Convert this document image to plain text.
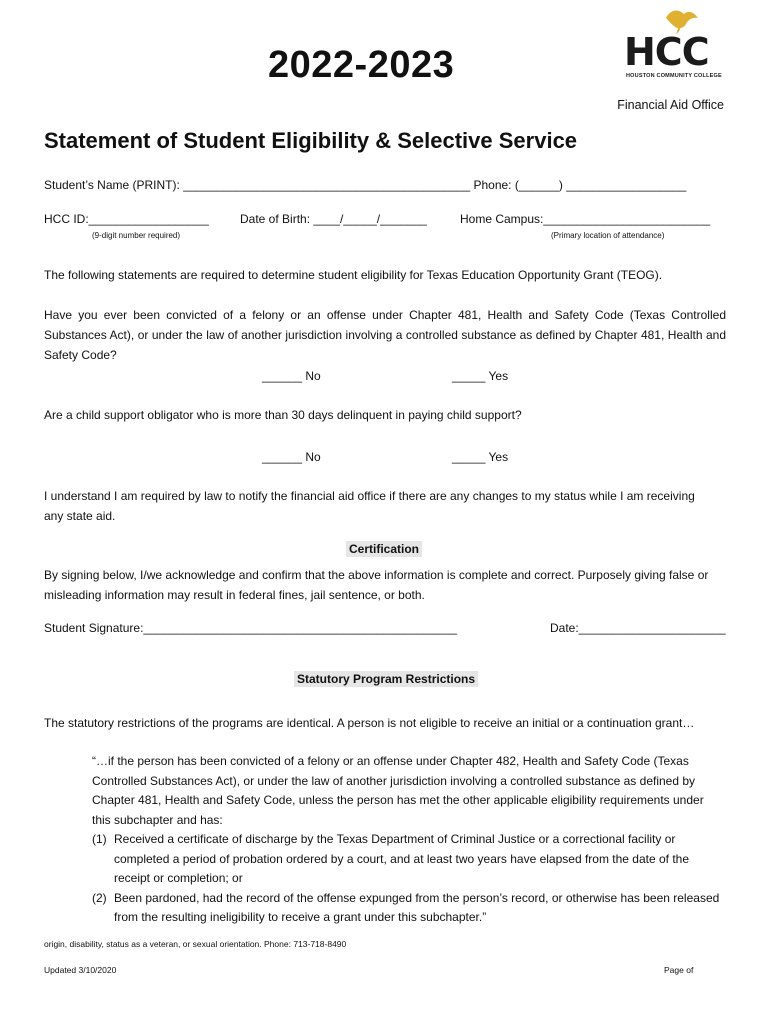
2022-2023	HCC
HOUSTON COMMUNITY COLLEGE
Financial Aid Office
Statement of Student Eligibility & Selective Service
Student’s Name (PRINT): ___________________________________________ Phone: (______) __________________
HCC ID:__________________	Date of Birth: ____/_____/_______	Home Campus:_________________________
(9-digit number required)	(Primary location of attendance)
The following statements are required to determine student eligibility for Texas Education Opportunity Grant (TEOG).
Have you ever been convicted of a felony or an offense under Chapter 481, Health and Safety Code (Texas Controlled Substances Act), or under the law of another jurisdiction involving a controlled substance as defined by Chapter 481, Health and Safety Code?
______ No	_____ Yes
Are a child support obligator who is more than 30 days delinquent in paying child support?
______ No	_____ Yes
I understand I am required by law to notify the financial aid office if there are any changes to my status while I am receiving any state aid.
Certification
By signing below, I/we acknowledge and confirm that the above information is complete and correct. Purposely giving false or misleading information may result in federal fines, jail sentence, or both.
Student Signature:_______________________________________________	Date:______________________
Statutory Program Restrictions
The statutory restrictions of the programs are identical. A person is not eligible to receive an initial or a continuation grant…
“…if the person has been convicted of a felony or an offense under Chapter 482, Health and Safety Code (Texas Controlled Substances Act), or under the law of another jurisdiction involving a controlled substance as defined by Chapter 481, Health and Safety Code, unless the person has met the other applicable eligibility requirements under this subchapter and has:
(1) Received a certificate of discharge by the Texas Department of Criminal Justice or a correctional facility or completed a period of probation ordered by a court, and at least two years have elapsed from the date of the receipt or completion; or
(2) Been pardoned, had the record of the offense expunged from the person’s record, or otherwise has been released from the resulting ineligibility to receive a grant under this subchapter.”
origin, disability, status as a veteran, or sexual orientation. Phone: 713-718-8490
Updated 3/10/2020	Page of
